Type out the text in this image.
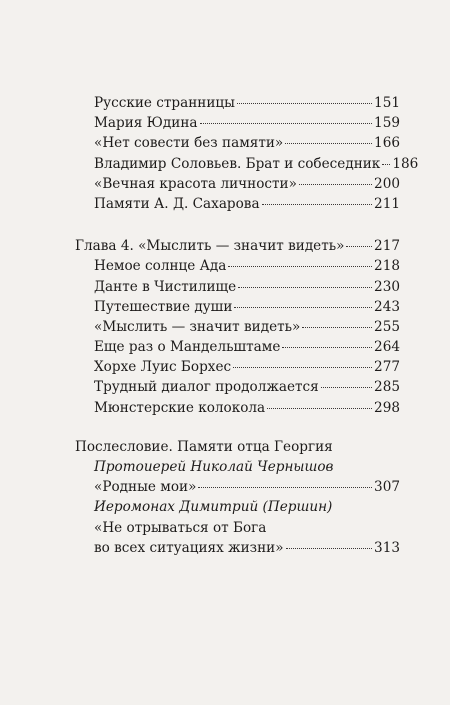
Русские странницы	151
Мария Юдина	159
«Нет совести без памяти»	166
Владимир Соловьев. Брат и собеседник 186
«Вечная красота личности»	200
Памяти А. Д. Сахарова	211
Глава 4. «Мыслить — значит видеть» 217
Немое солнце Ада	218
Данте в Чистилище	230
Путешествие души	243
«Мыслить — значит видеть»	255
Еще раз о Мандельштаме	264
Хорхе Луис Борхес	277
Трудный диалог продолжается	285
Мюнстерские колокола	298
Послесловие. Памяти отца Георгия
Протоиерей Николай Чернышов
«Родные мои»	307
Иеромонах Димитрий (Першин)
«Не отрываться от Бога
во всех ситуациях жизни»	313
